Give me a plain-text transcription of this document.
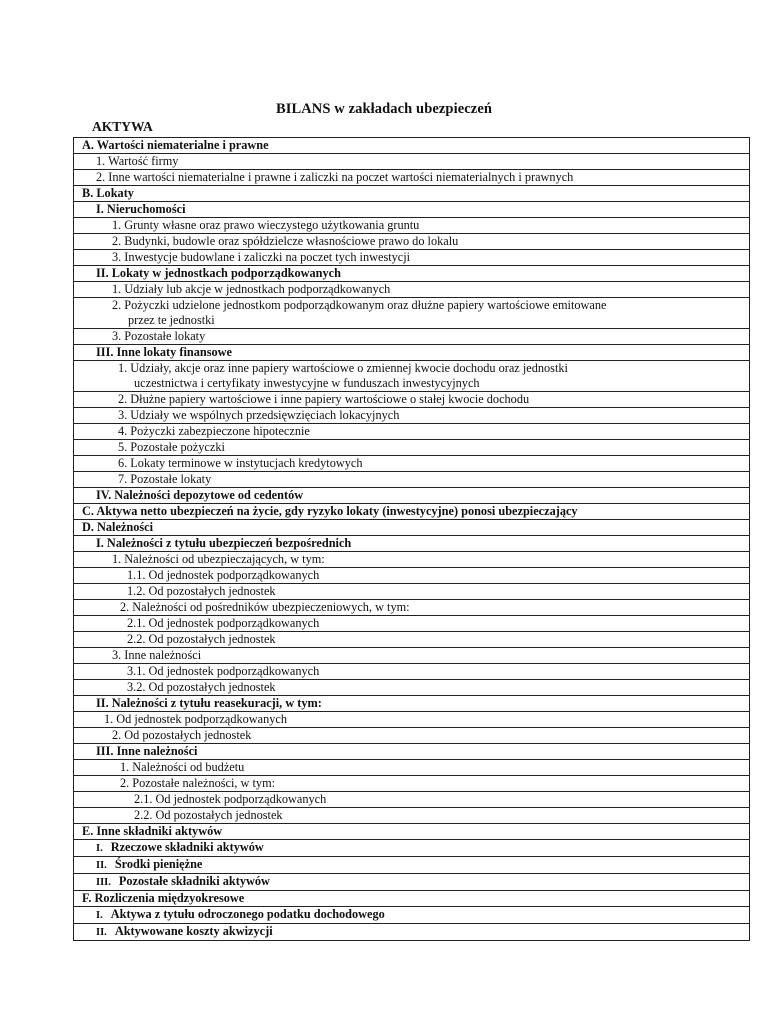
BILANS w zakładach ubezpieczeń
AKTYWA
A. Wartości niematerialne i prawne
1. Wartość firmy
2. Inne wartości niematerialne i prawne i zaliczki na poczet wartości niematerialnych i prawnych
B. Lokaty
I. Nieruchomości
1. Grunty własne oraz prawo wieczystego użytkowania gruntu
2. Budynki, budowle oraz spółdzielcze własnościowe prawo do lokalu
3. Inwestycje budowlane i zaliczki na poczet tych inwestycji
II. Lokaty w jednostkach podporządkowanych
1. Udziały lub akcje w jednostkach podporządkowanych
2. Pożyczki udzielone jednostkom podporządkowanym oraz dłużne papiery wartościowe emitowane
przez te jednostki
3. Pozostałe lokaty
III. Inne lokaty finansowe
1. Udziały, akcje oraz inne papiery wartościowe o zmiennej kwocie dochodu oraz jednostki
uczestnictwa i certyfikaty inwestycyjne w funduszach inwestycyjnych
2. Dłużne papiery wartościowe i inne papiery wartościowe o stałej kwocie dochodu
3. Udziały we wspólnych przedsięwzięciach lokacyjnych
4. Pożyczki zabezpieczone hipotecznie
5. Pozostałe pożyczki
6. Lokaty terminowe w instytucjach kredytowych
7. Pozostałe lokaty
IV. Należności depozytowe od cedentów
C. Aktywa netto ubezpieczeń na życie, gdy ryzyko lokaty (inwestycyjne) ponosi ubezpieczający
D. Należności
I. Należności z tytułu ubezpieczeń bezpośrednich
1. Należności od ubezpieczających, w tym:
1.1. Od jednostek podporządkowanych
1.2. Od pozostałych jednostek
2. Należności od pośredników ubezpieczeniowych, w tym:
2.1. Od jednostek podporządkowanych
2.2. Od pozostałych jednostek
3. Inne należności
3.1. Od jednostek podporządkowanych
3.2. Od pozostałych jednostek
II. Należności z tytułu reasekuracji, w tym:
1. Od jednostek podporządkowanych
2. Od pozostałych jednostek
III. Inne należności
1. Należności od budżetu
2. Pozostałe należności, w tym:
2.1. Od jednostek podporządkowanych
2.2. Od pozostałych jednostek
E. Inne składniki aktywów
I. Rzeczowe składniki aktywów
II. Środki pieniężne
III. Pozostałe składniki aktywów
F. Rozliczenia międzyokresowe
I. Aktywa z tytułu odroczonego podatku dochodowego
II. Aktywowane koszty akwizycji
